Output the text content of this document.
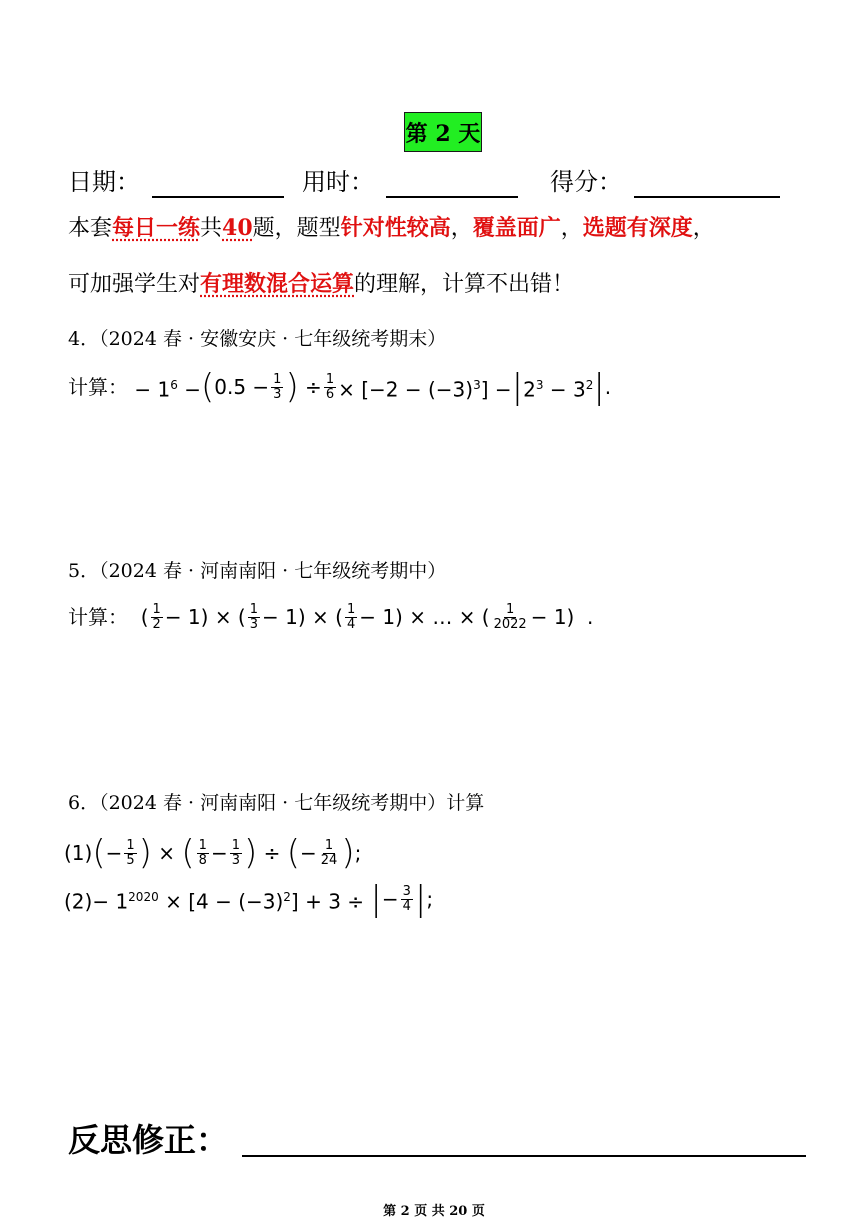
第 2 天
日期：	用时：	得分：
本套每日一练共40题，题型针对性较高，覆盖面广，选题有深度，
可加强学生对有理数混合运算的理解，计算不出错！
4．（2024 春 · 安徽安庆 · 七年级统考期末）
计算： − $1^6$ − ( $0.5 - \frac{1}{3}$ ) ÷ $\frac{1}{6} \times [-2 - (-3)^3]$ − | $2^3 - 3^2$ | .
5．（2024 春 · 河南南阳 · 七年级统考期中）
计算： ( $\frac{1}{2} - 1$) × ( $\frac{1}{3} - 1$) × ( $\frac{1}{4} - 1$) × … × ( $\frac{1}{2022} - 1$)  .
6．（2024 春 · 河南南阳 · 七年级统考期中）计算
(1) ( − $\frac{1}{5}$ ) × ( $\frac{1}{8} - \frac{1}{3}$ ) ÷ ( − $\frac{1}{24}$ ) ;
$(2)- 1^{2020} \times [4 - (-3)^2] + 3$ ÷ | − $\frac{3}{4}$ | ;
反思修正：
第 2 页 共 20 页
